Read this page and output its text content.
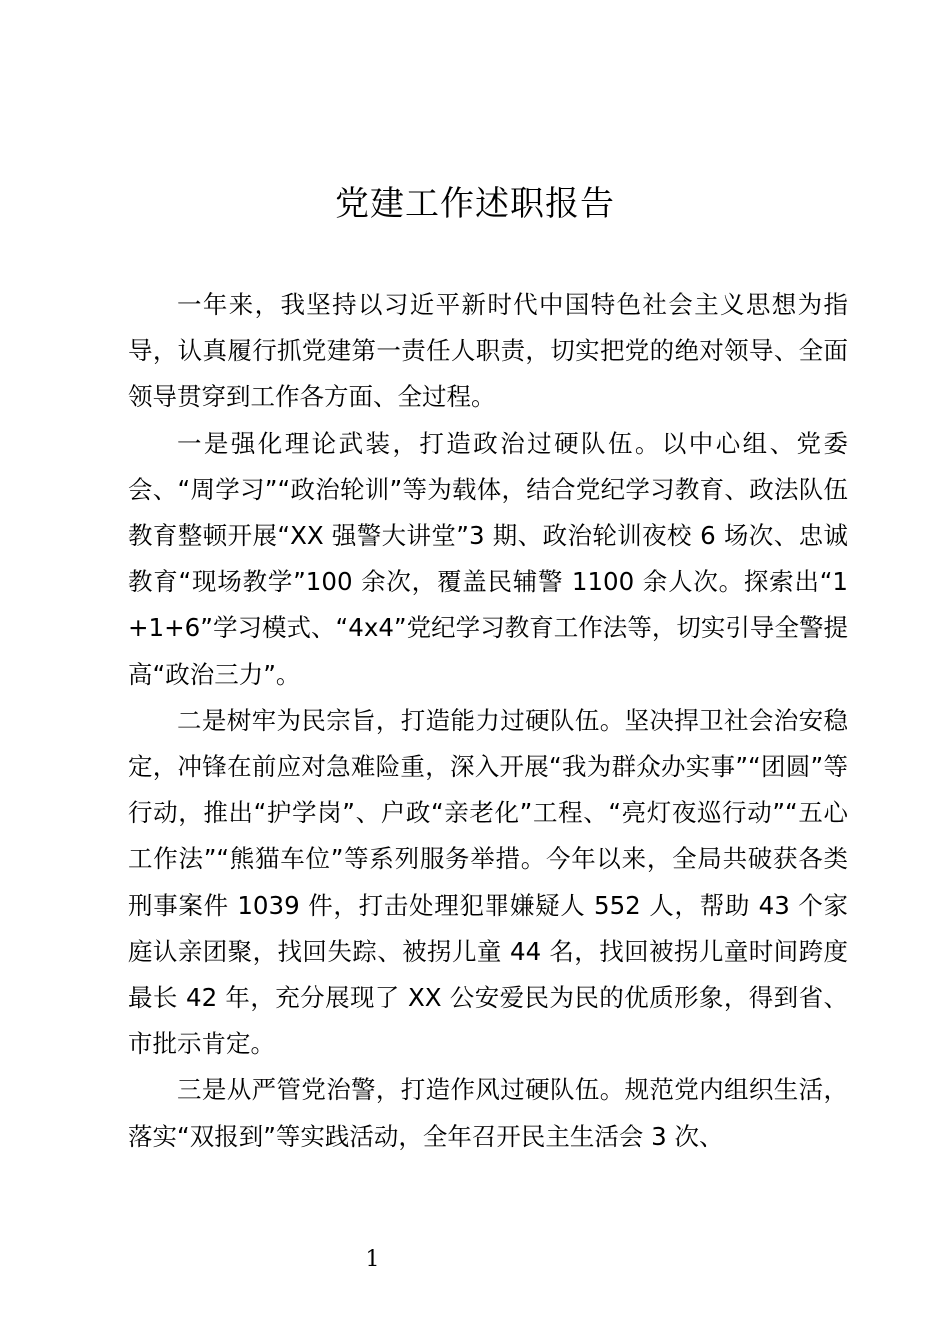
党建工作述职报告

一年来，我坚持以习近平新时代中国特色社会主义思想为指导，认真履行抓党建第一责任人职责，切实把党的绝对领导、全面领导贯穿到工作各方面、全过程。

一是强化理论武装，打造政治过硬队伍。以中心组、党委会、“周学习”“政治轮训”等为载体，结合党纪学习教育、政法队伍教育整顿开展“XX 强警大讲堂”3 期、政治轮训夜校 6 场次、忠诚教育“现场教学”100 余次，覆盖民辅警 1100 余人次。探索出“1+1+6”学习模式、“4x4”党纪学习教育工作法等，切实引导全警提高“政治三力”。

二是树牢为民宗旨，打造能力过硬队伍。坚决捍卫社会治安稳定，冲锋在前应对急难险重，深入开展“我为群众办实事”“团圆”等行动，推出“护学岗”、户政“亲老化”工程、“亮灯夜巡行动”“五心工作法”“熊猫车位”等系列服务举措。今年以来，全局共破获各类刑事案件 1039 件，打击处理犯罪嫌疑人 552 人，帮助 43 个家庭认亲团聚，找回失踪、被拐儿童 44 名，找回被拐儿童时间跨度最长 42 年，充分展现了 XX 公安爱民为民的优质形象，得到省、市批示肯定。

三是从严管党治警，打造作风过硬队伍。规范党内组织生活，落实“双报到”等实践活动，全年召开民主生活会 3 次、

1
